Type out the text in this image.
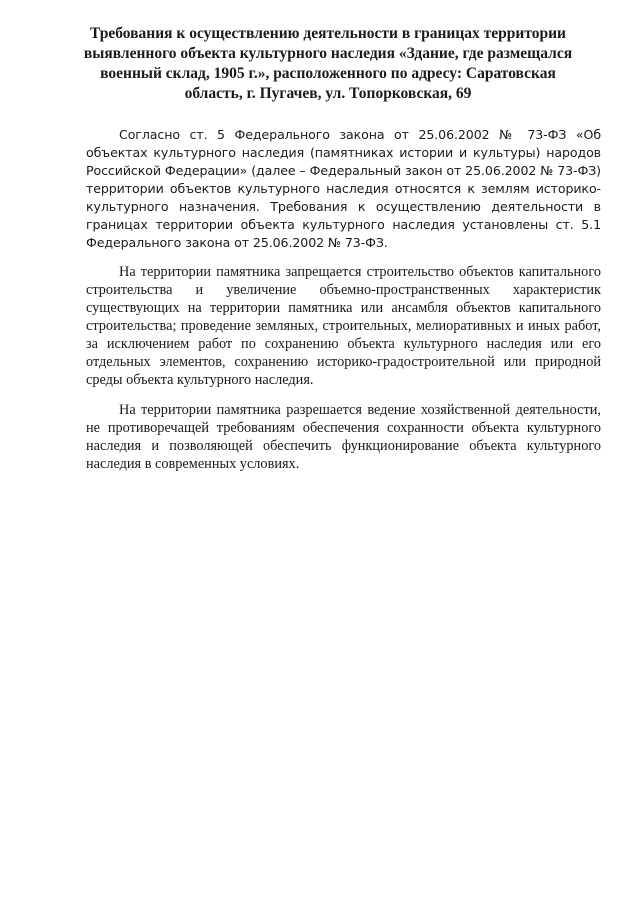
Требования к осуществлению деятельности в границах территории выявленного объекта культурного наследия «Здание, где размещался военный склад, 1905 г.», расположенного по адресу: Саратовская область, г. Пугачев, ул. Топорковская, 69

Согласно ст. 5 Федерального закона от 25.06.2002 № 73-ФЗ «Об объектах культурного наследия (памятниках истории и культуры) народов Российской Федерации» (далее – Федеральный закон от 25.06.2002 № 73-ФЗ) территории объектов культурного наследия относятся к землям историко-культурного назначения. Требования к осуществлению деятельности в границах территории объекта культурного наследия установлены ст. 5.1 Федерального закона от 25.06.2002 № 73-ФЗ.

На территории памятника запрещается строительство объектов капитального строительства и увеличение объемно-пространственных характеристик существующих на территории памятника или ансамбля объектов капитального строительства; проведение земляных, строительных, мелиоративных и иных работ, за исключением работ по сохранению объекта культурного наследия или его отдельных элементов, сохранению историко-градостроительной или природной среды объекта культурного наследия.

На территории памятника разрешается ведение хозяйственной деятельности, не противоречащей требованиям обеспечения сохранности объекта культурного наследия и позволяющей обеспечить функционирование объекта культурного наследия в современных условиях.
